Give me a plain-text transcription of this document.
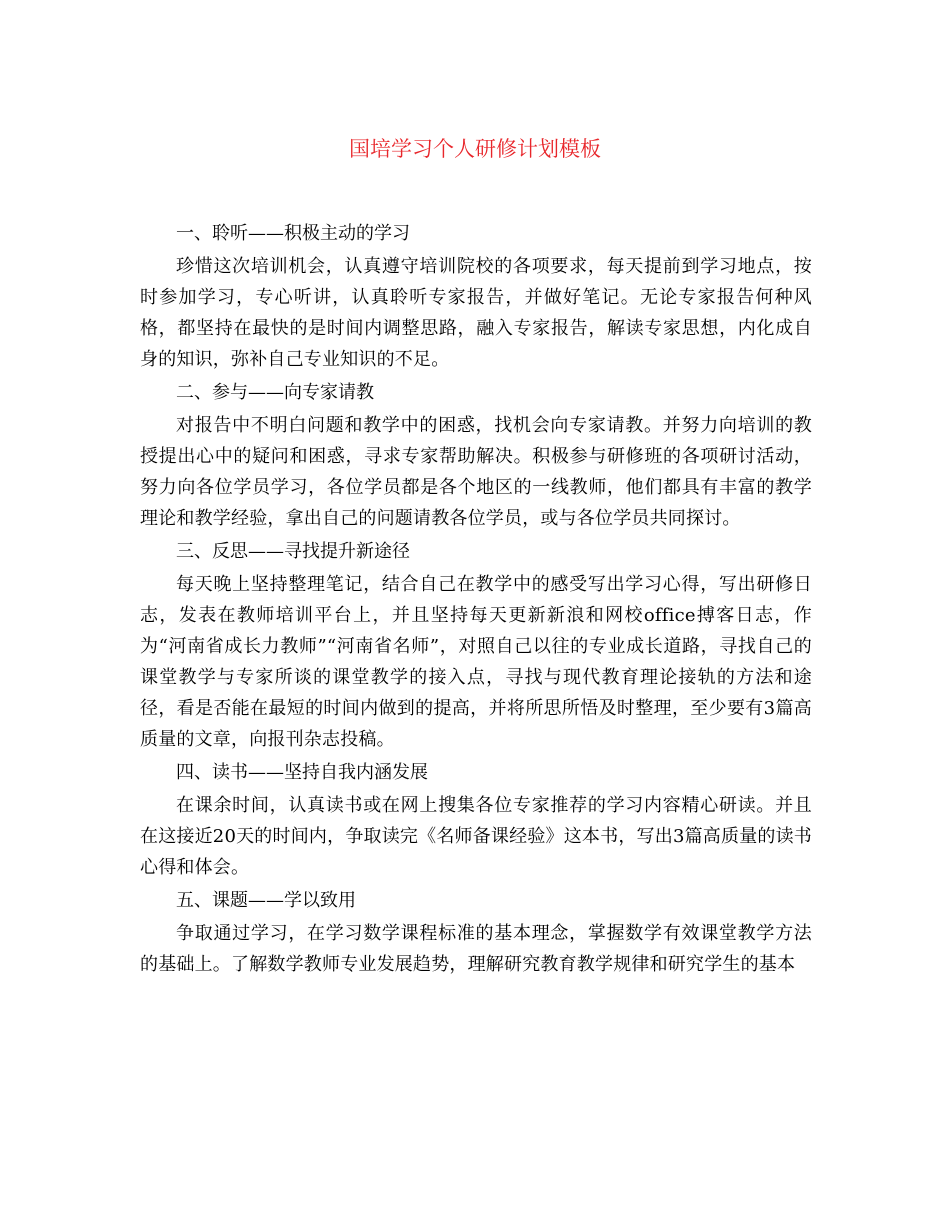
国培学习个人研修计划模板

一、聆听——积极主动的学习

珍惜这次培训机会，认真遵守培训院校的各项要求，每天提前到学习地点，按时参加学习，专心听讲，认真聆听专家报告，并做好笔记。无论专家报告何种风格，都坚持在最快的是时间内调整思路，融入专家报告，解读专家思想，内化成自身的知识，弥补自己专业知识的不足。

二、参与——向专家请教

对报告中不明白问题和教学中的困惑，找机会向专家请教。并努力向培训的教授提出心中的疑问和困惑，寻求专家帮助解决。积极参与研修班的各项研讨活动，努力向各位学员学习，各位学员都是各个地区的一线教师，他们都具有丰富的教学理论和教学经验，拿出自己的问题请教各位学员，或与各位学员共同探讨。

三、反思——寻找提升新途径

每天晚上坚持整理笔记，结合自己在教学中的感受写出学习心得，写出研修日志，发表在教师培训平台上，并且坚持每天更新新浪和网校office搏客日志，作为“河南省成长力教师”“河南省名师”，对照自己以往的专业成长道路，寻找自己的课堂教学与专家所谈的课堂教学的接入点，寻找与现代教育理论接轨的方法和途径，看是否能在最短的时间内做到的提高，并将所思所悟及时整理，至少要有3篇高质量的文章，向报刊杂志投稿。

四、读书——坚持自我内涵发展

在课余时间，认真读书或在网上搜集各位专家推荐的学习内容精心研读。并且在这接近20天的时间内，争取读完《名师备课经验》这本书，写出3篇高质量的读书心得和体会。

五、课题——学以致用

争取通过学习，在学习数学课程标准的基本理念，掌握数学有效课堂教学方法的基础上。了解数学教师专业发展趋势，理解研究教育教学规律和研究学生的基本
